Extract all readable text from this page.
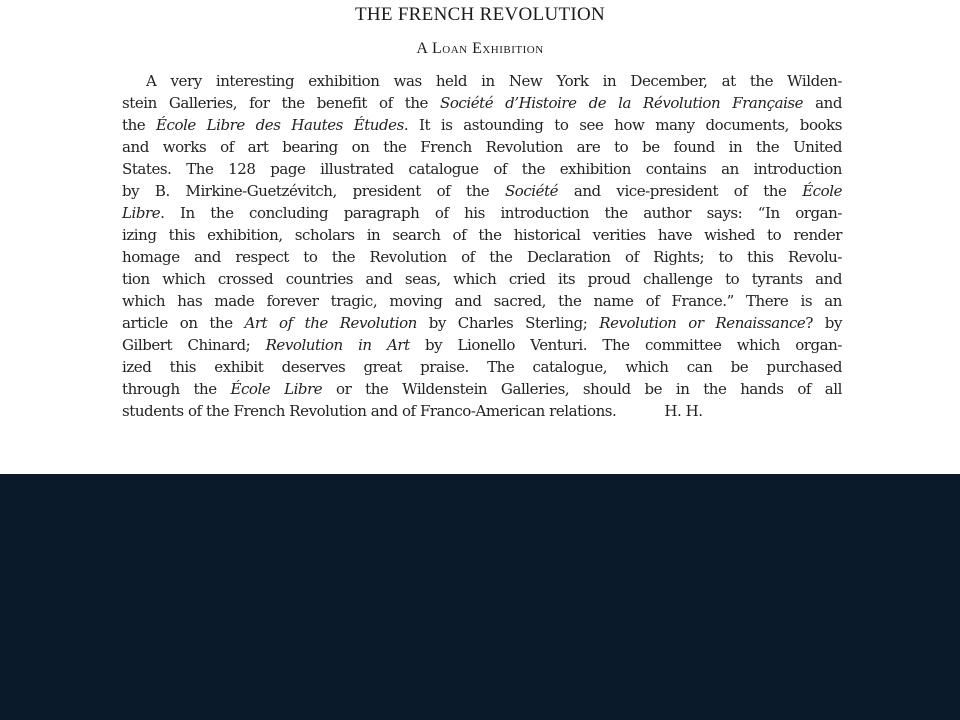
THE FRENCH REVOLUTION
A Loan Exhibition
A very interesting exhibition was held in New York in December, at the Wilden-
stein Galleries, for the benefit of the Société d’Histoire de la Révolution Française and
the École Libre des Hautes Études. It is astounding to see how many documents, books
and works of art bearing on the French Revolution are to be found in the United
States. The 128 page illustrated catalogue of the exhibition contains an introduction
by B. Mirkine-Guetzévitch, president of the Société and vice-president of the École
Libre. In the concluding paragraph of his introduction the author says: “In organ-
izing this exhibition, scholars in search of the historical verities have wished to render
homage and respect to the Revolution of the Declaration of Rights; to this Revolu-
tion which crossed countries and seas, which cried its proud challenge to tyrants and
which has made forever tragic, moving and sacred, the name of France.” There is an
article on the Art of the Revolution by Charles Sterling; Revolution or Renaissance? by
Gilbert Chinard; Revolution in Art by Lionello Venturi. The committee which organ-
ized this exhibit deserves great praise. The catalogue, which can be purchased
through the École Libre or the Wildenstein Galleries, should be in the hands of all
students of the French Revolution and of Franco-American relations.	H. H.
